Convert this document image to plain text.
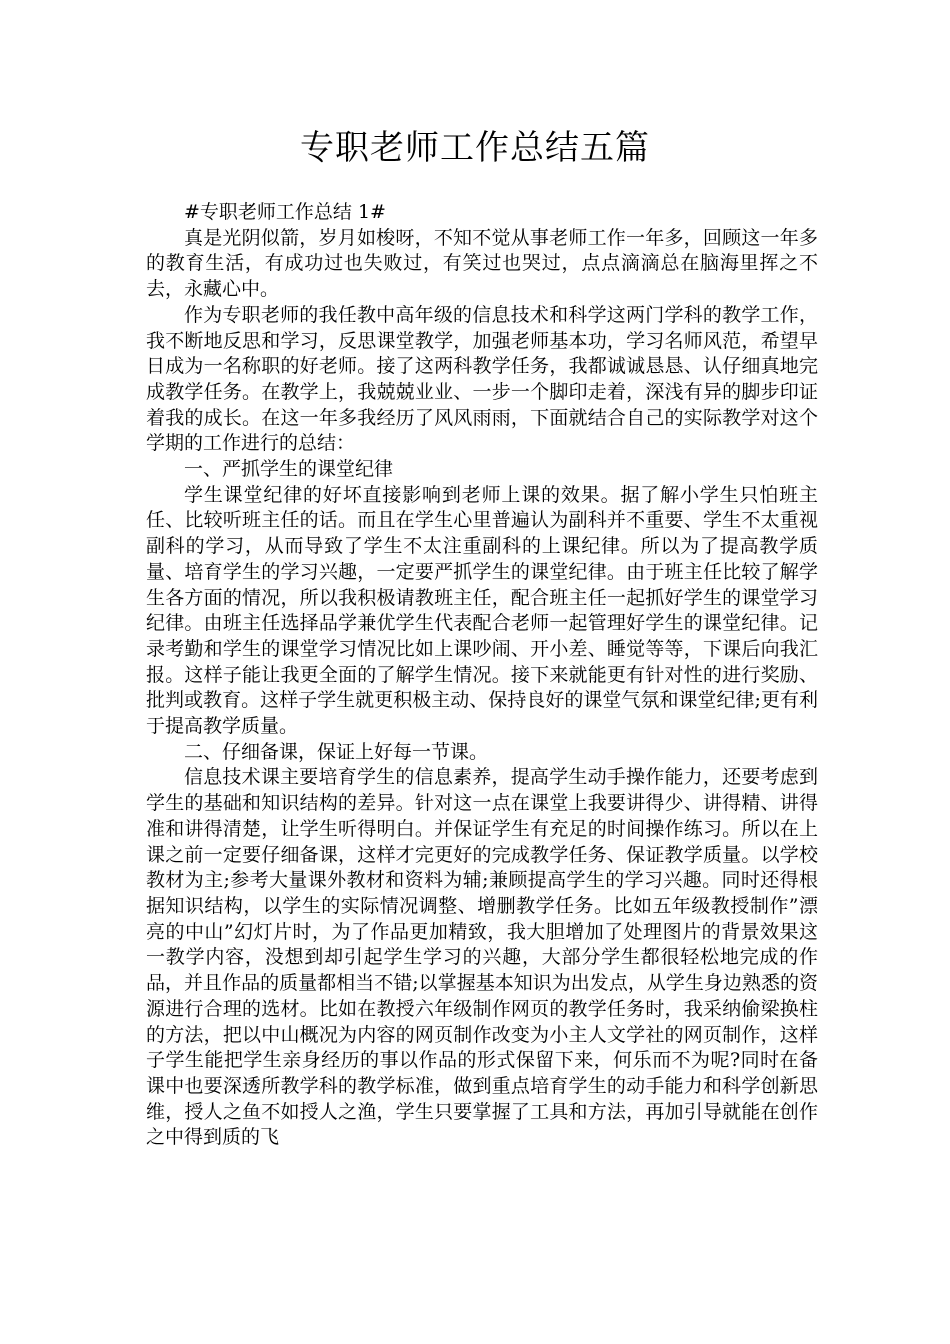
专职老师工作总结五篇

#专职老师工作总结 1#

真是光阴似箭，岁月如梭呀，不知不觉从事老师工作一年多，回顾这一年多的教育生活，有成功过也失败过，有笑过也哭过，点点滴滴总在脑海里挥之不去，永藏心中。

作为专职老师的我任教中高年级的信息技术和科学这两门学科的教学工作，我不断地反思和学习，反思课堂教学，加强老师基本功，学习名师风范，希望早日成为一名称职的好老师。接了这两科教学任务，我都诚诚恳恳、认仔细真地完成教学任务。在教学上，我兢兢业业、一步一个脚印走着，深浅有异的脚步印证着我的成长。在这一年多我经历了风风雨雨，下面就结合自己的实际教学对这个学期的工作进行的总结：

一、严抓学生的课堂纪律

学生课堂纪律的好坏直接影响到老师上课的效果。据了解小学生只怕班主任、比较听班主任的话。而且在学生心里普遍认为副科并不重要、学生不太重视副科的学习，从而导致了学生不太注重副科的上课纪律。所以为了提高教学质量、培育学生的学习兴趣，一定要严抓学生的课堂纪律。由于班主任比较了解学生各方面的情况，所以我积极请教班主任，配合班主任一起抓好学生的课堂学习纪律。由班主任选择品学兼优学生代表配合老师一起管理好学生的课堂纪律。记录考勤和学生的课堂学习情况比如上课吵闹、开小差、睡觉等等，下课后向我汇报。这样子能让我更全面的了解学生情况。接下来就能更有针对性的进行奖励、批判或教育。这样子学生就更积极主动、保持良好的课堂气氛和课堂纪律;更有利于提高教学质量。

二、仔细备课，保证上好每一节课。

信息技术课主要培育学生的信息素养，提高学生动手操作能力，还要考虑到学生的基础和知识结构的差异。针对这一点在课堂上我要讲得少、讲得精、讲得准和讲得清楚，让学生听得明白。并保证学生有充足的时间操作练习。所以在上课之前一定要仔细备课，这样才完更好的完成教学任务、保证教学质量。以学校教材为主;参考大量课外教材和资料为辅;兼顾提高学生的学习兴趣。同时还得根据知识结构，以学生的实际情况调整、增删教学任务。比如五年级教授制作”漂亮的中山”幻灯片时，为了作品更加精致，我大胆增加了处理图片的背景效果这一教学内容，没想到却引起学生学习的兴趣，大部分学生都很轻松地完成的作品，并且作品的质量都相当不错;以掌握基本知识为出发点，从学生身边熟悉的资源进行合理的选材。比如在教授六年级制作网页的教学任务时，我采纳偷梁换柱的方法，把以中山概况为内容的网页制作改变为小主人文学社的网页制作，这样子学生能把学生亲身经历的事以作品的形式保留下来，何乐而不为呢?同时在备课中也要深透所教学科的教学标准，做到重点培育学生的动手能力和科学创新思维，授人之鱼不如授人之渔，学生只要掌握了工具和方法，再加引导就能在创作之中得到质的飞
